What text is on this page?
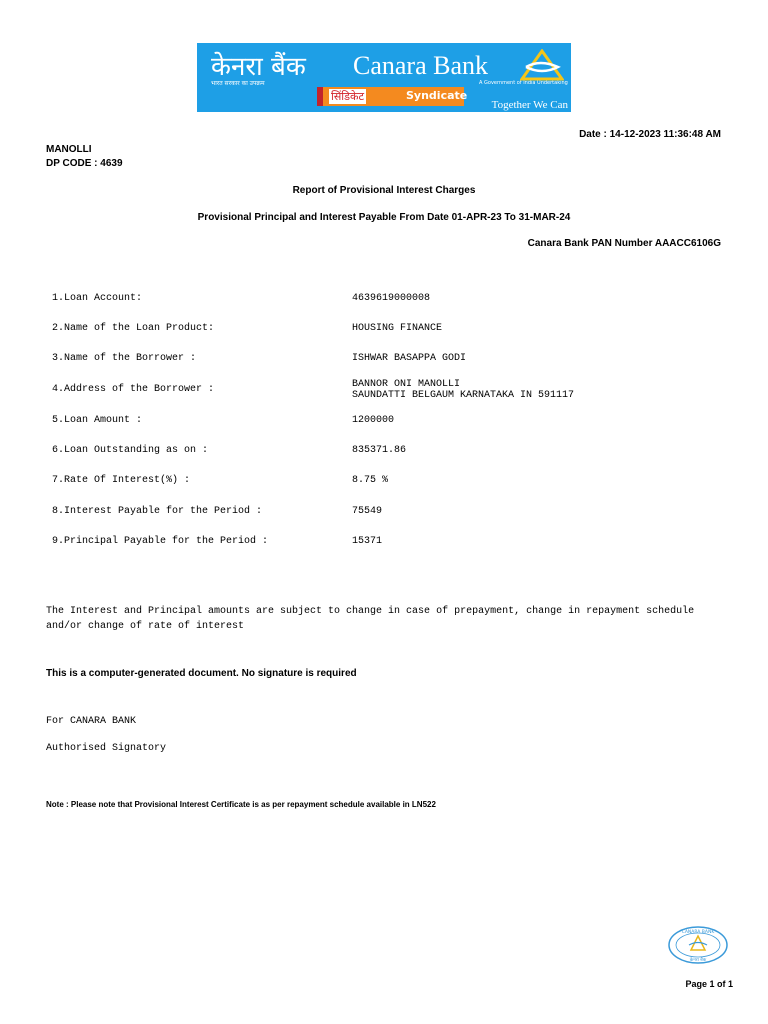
केनरा बैंक
भारत सरकार का उपक्रम
Canara Bank
A Government of India Undertaking
सिंडिकेट	Syndicate
Together We Can
Date : 14-12-2023 11:36:48 AM
MANOLLI
DP CODE : 4639
Report of Provisional Interest Charges
Provisional Principal and Interest Payable From Date 01-APR-23 To 31-MAR-24
Canara Bank PAN Number AAACC6106G
1.Loan Account:	4639619000008
2.Name of the Loan Product:	HOUSING FINANCE
3.Name of the Borrower :	ISHWAR BASAPPA GODI
4.Address of the Borrower :	BANNOR ONI MANOLLI
SAUNDATTI BELGAUM KARNATAKA IN 591117
5.Loan Amount :	1200000
6.Loan Outstanding as on :	835371.86
7.Rate Of Interest(%) :	8.75 %
8.Interest Payable for the Period :	75549
9.Principal Payable for the Period :	15371
The Interest and Principal amounts are subject to change in case of prepayment, change in repayment schedule
and/or change of rate of interest
This is a computer-generated document. No signature is required
For CANARA BANK
Authorised Signatory
Note : Please note that Provisional Interest Certificate is as per repayment schedule available in LN522
CANARA BANK
केनरा बैंक
Page 1 of 1
